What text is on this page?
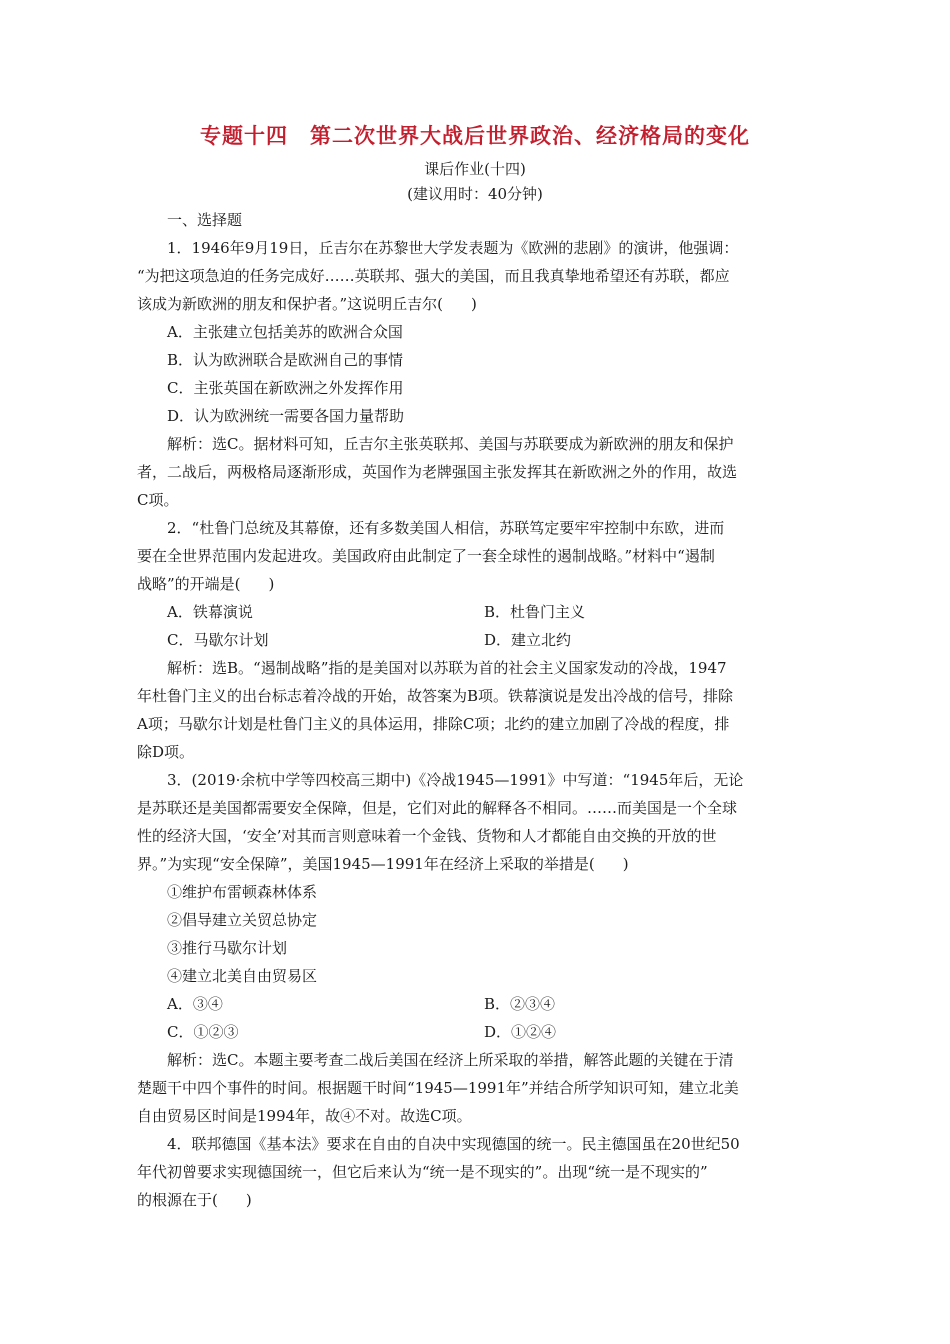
专题十四 第二次世界大战后世界政治、经济格局的变化
课后作业(十四)
(建议用时：40分钟)

一、选择题

1．1946年9月19日，丘吉尔在苏黎世大学发表题为《欧洲的悲剧》的演讲，他强调：

“为把这项急迫的任务完成好……英联邦、强大的美国，而且我真挚地希望还有苏联，都应

该成为新欧洲的朋友和保护者。”这说明丘吉尔( )

A．主张建立包括美苏的欧洲合众国

B．认为欧洲联合是欧洲自己的事情

C．主张英国在新欧洲之外发挥作用

D．认为欧洲统一需要各国力量帮助

解析：选C。据材料可知，丘吉尔主张英联邦、美国与苏联要成为新欧洲的朋友和保护

者，二战后，两极格局逐渐形成，英国作为老牌强国主张发挥其在新欧洲之外的作用，故选

C项。

2．“杜鲁门总统及其幕僚，还有多数美国人相信，苏联笃定要牢牢控制中东欧，进而

要在全世界范围内发起进攻。美国政府由此制定了一套全球性的遏制战略。”材料中“遏制

战略”的开端是( )

A．铁幕演说	B．杜鲁门主义
C．马歇尔计划	D．建立北约

解析：选B。“遏制战略”指的是美国对以苏联为首的社会主义国家发动的冷战，1947

年杜鲁门主义的出台标志着冷战的开始，故答案为B项。铁幕演说是发出冷战的信号，排除

A项；马歇尔计划是杜鲁门主义的具体运用，排除C项；北约的建立加剧了冷战的程度，排

除D项。

3．(2019·余杭中学等四校高三期中)《冷战1945—1991》中写道：“1945年后，无论

是苏联还是美国都需要安全保障，但是，它们对此的解释各不相同。……而美国是一个全球

性的经济大国，‘安全’对其而言则意味着一个金钱、货物和人才都能自由交换的开放的世

界。”为实现“安全保障”，美国1945—1991年在经济上采取的举措是( )

①维护布雷顿森林体系

②倡导建立关贸总协定

③推行马歇尔计划

④建立北美自由贸易区

A．③④	B．②③④
C．①②③	D．①②④

解析：选C。本题主要考查二战后美国在经济上所采取的举措，解答此题的关键在于清

楚题干中四个事件的时间。根据题干时间“1945—1991年”并结合所学知识可知，建立北美

自由贸易区时间是1994年，故④不对。故选C项。

4．联邦德国《基本法》要求在自由的自决中实现德国的统一。民主德国虽在20世纪50

年代初曾要求实现德国统一，但它后来认为“统一是不现实的”。出现“统一是不现实的”

的根源在于( )
